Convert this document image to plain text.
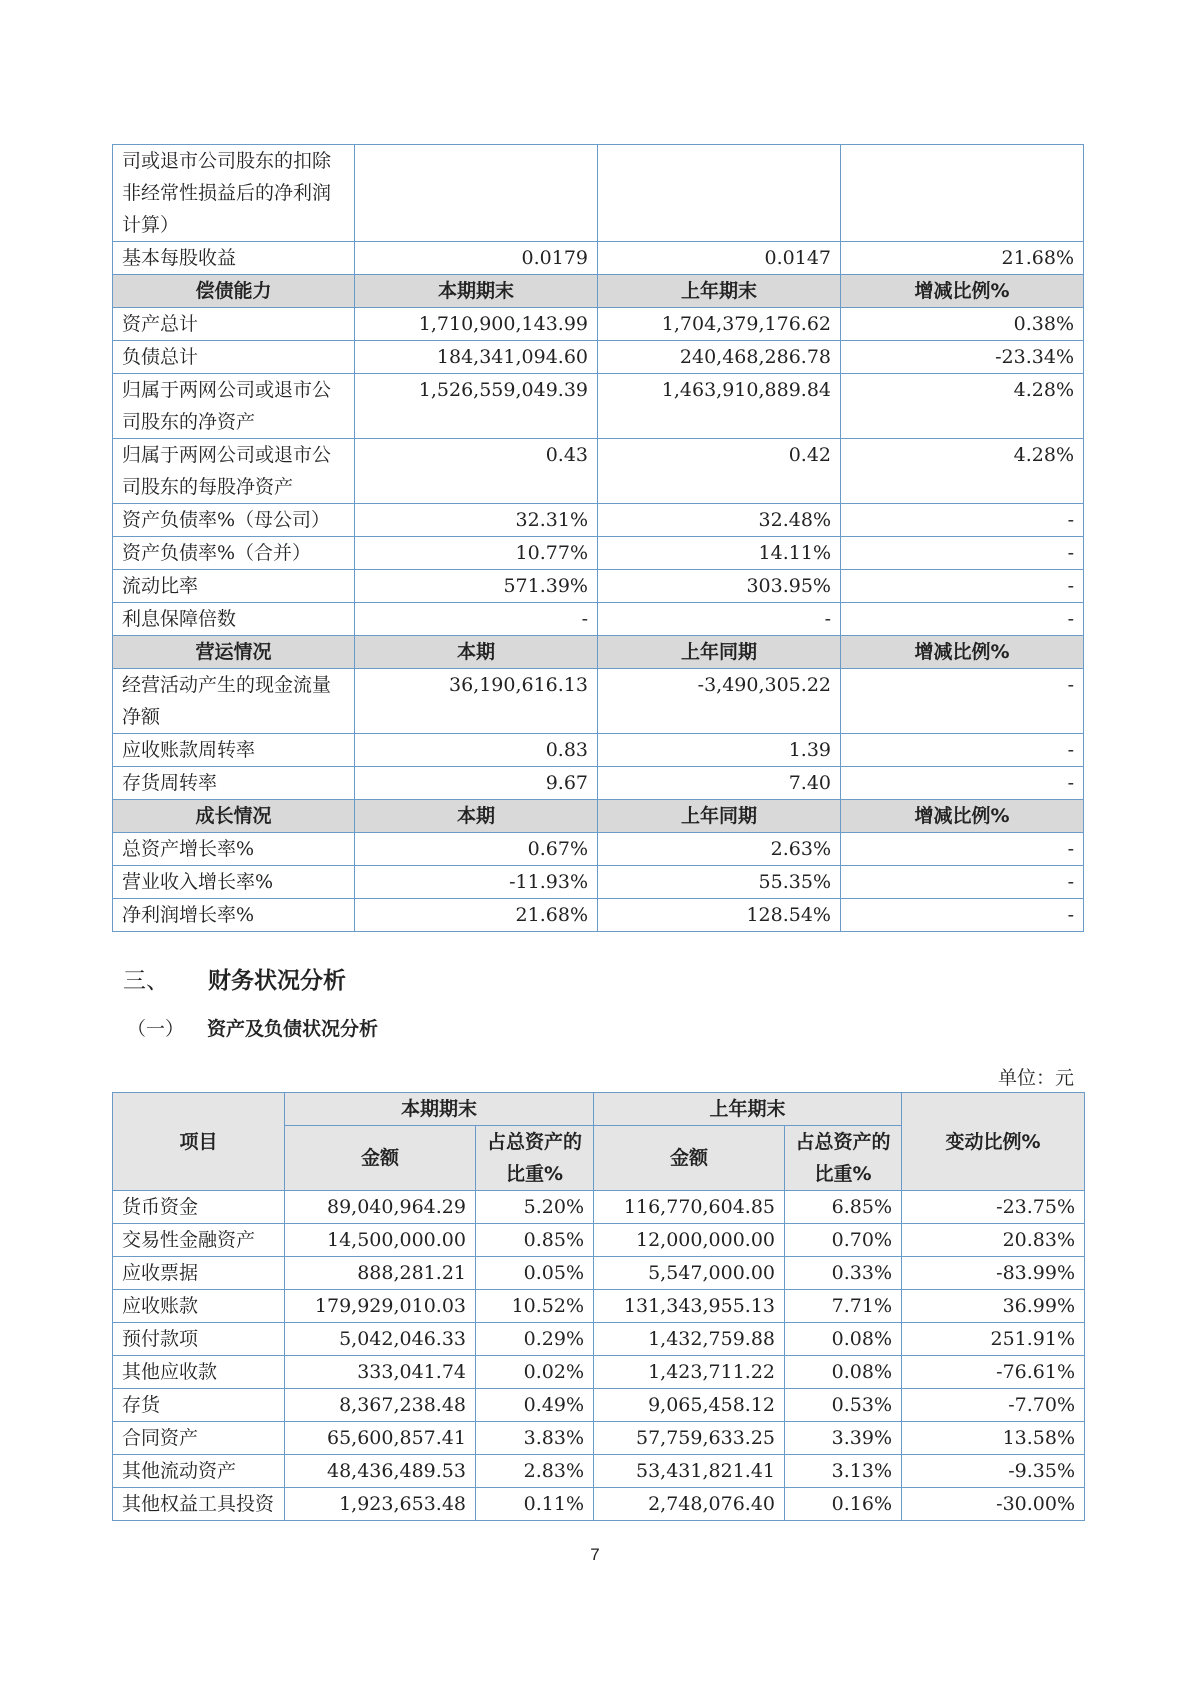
司或退市公司股东的扣除非经常性损益后的净利润计算）			
基本每股收益	0.0179	0.0147	21.68%
偿债能力	本期期末	上年期末	增减比例%
资产总计	1,710,900,143.99	1,704,379,176.62	0.38%
负债总计	184,341,094.60	240,468,286.78	-23.34%
归属于两网公司或退市公司股东的净资产	1,526,559,049.39	1,463,910,889.84	4.28%
归属于两网公司或退市公司股东的每股净资产	0.43	0.42	4.28%
资产负债率%（母公司）	32.31%	32.48%	-
资产负债率%（合并）	10.77%	14.11%	-
流动比率	571.39%	303.95%	-
利息保障倍数	-	-	-
营运情况	本期	上年同期	增减比例%
经营活动产生的现金流量净额	36,190,616.13	-3,490,305.22	-
应收账款周转率	0.83	1.39	-
存货周转率	9.67	7.40	-
成长情况	本期	上年同期	增减比例%
总资产增长率%	0.67%	2.63%	-
营业收入增长率%	-11.93%	55.35%	-
净利润增长率%	21.68%	128.54%	-
三、 财务状况分析
（一） 资产及负债状况分析
单位：元
项目	本期期末		上年期末		变动比例%
	金额	占总资产的比重%	金额	占总资产的比重%	
货币资金	89,040,964.29	5.20%	116,770,604.85	6.85%	-23.75%
交易性金融资产	14,500,000.00	0.85%	12,000,000.00	0.70%	20.83%
应收票据	888,281.21	0.05%	5,547,000.00	0.33%	-83.99%
应收账款	179,929,010.03	10.52%	131,343,955.13	7.71%	36.99%
预付款项	5,042,046.33	0.29%	1,432,759.88	0.08%	251.91%
其他应收款	333,041.74	0.02%	1,423,711.22	0.08%	-76.61%
存货	8,367,238.48	0.49%	9,065,458.12	0.53%	-7.70%
合同资产	65,600,857.41	3.83%	57,759,633.25	3.39%	13.58%
其他流动资产	48,436,489.53	2.83%	53,431,821.41	3.13%	-9.35%
其他权益工具投资	1,923,653.48	0.11%	2,748,076.40	0.16%	-30.00%
7
